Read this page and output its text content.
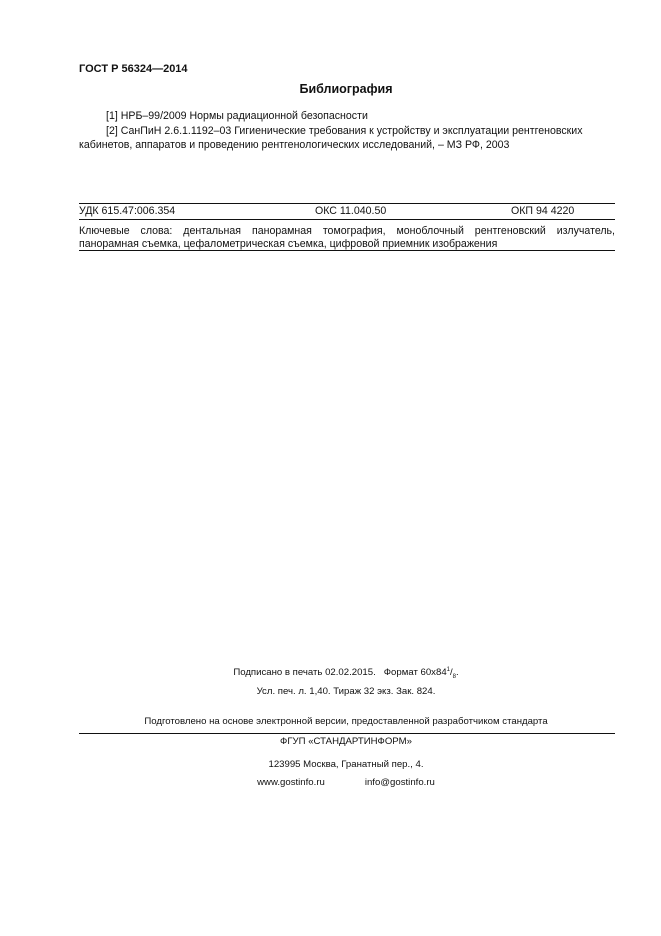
ГОСТ Р 56324—2014
Библиография

[1] НРБ–99/2009 Нормы радиационной безопасности

[2] СанПиН 2.6.1.1192–03 Гигиенические требования к устройству и эксплуатации рентгеновских
кабинетов, аппаратов и проведению рентгенологических исследований, – МЗ РФ, 2003

УДК 615.47:006.354	ОКС 11.040.50	ОКП 94 4220
Ключевые слова: дентальная панорамная томография, моноблочный рентгеновский излучатель, панорамная съемка, цефалометрическая съемка, цифровой приемник изображения
Подписано в печать 02.02.2015. Формат $60x84^1/_8$.
Усл. печ. л. 1,40. Тираж 32 экз. Зак. 824.
Подготовлено на основе электронной версии, предоставленной разработчиком стандарта
ФГУП «СТАНДАРТИНФОРМ»
123995 Москва, Гранатный пер., 4.
www.gostinfo.ru	info@gostinfo.ru
